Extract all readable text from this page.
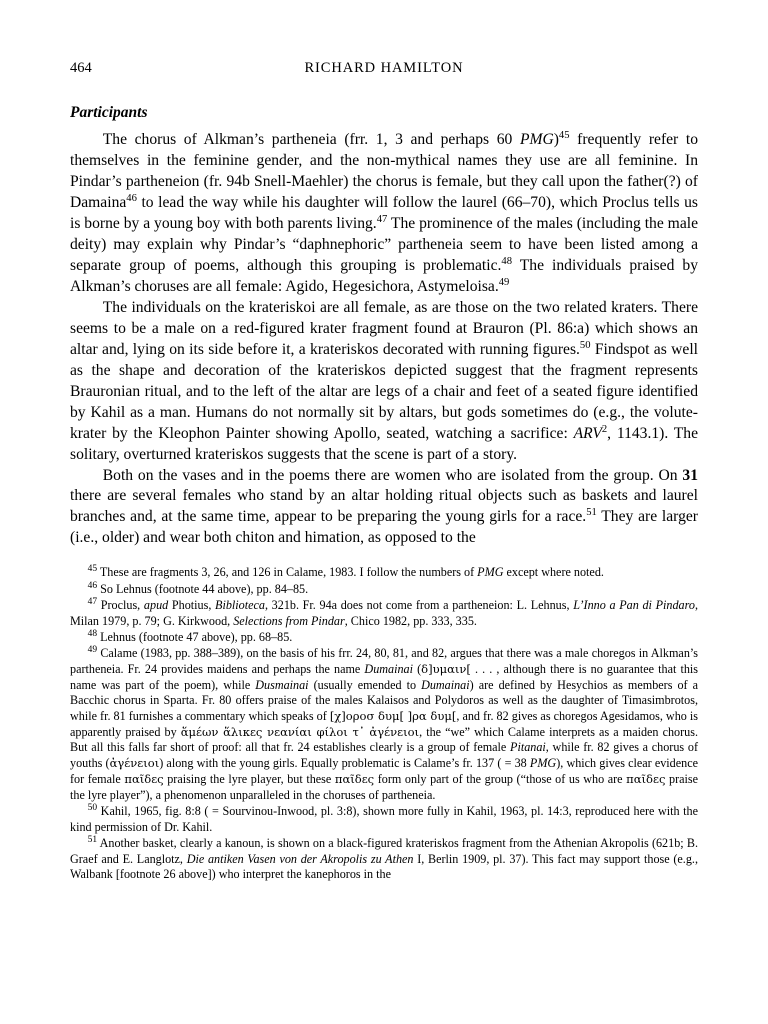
464	RICHARD HAMILTON
Participants

The chorus of Alkman’s partheneia (frr. 1, 3 and perhaps 60 PMG)$^{45}$ frequently refer to themselves in the feminine gender, and the non-mythical names they use are all feminine. In Pindar’s partheneion (fr. 94b Snell-Maehler) the chorus is female, but they call upon the father(?) of Damaina$^{46}$ to lead the way while his daughter will follow the laurel (66–70), which Proclus tells us is borne by a young boy with both parents living.$^{47}$ The prominence of the males (including the male deity) may explain why Pindar’s “daphnephoric” partheneia seem to have been listed among a separate group of poems, although this grouping is problematic.$^{48}$ The individuals praised by Alkman’s choruses are all female: Agido, Hegesichora, Astymeloisa.$^{49}$

The individuals on the krateriskoi are all female, as are those on the two related kraters. There seems to be a male on a red-figured krater fragment found at Brauron (Pl. 86:a) which shows an altar and, lying on its side before it, a krateriskos decorated with running figures.$^{50}$ Findspot as well as the shape and decoration of the krateriskos depicted suggest that the fragment represents Brauronian ritual, and to the left of the altar are legs of a chair and feet of a seated figure identified by Kahil as a man. Humans do not normally sit by altars, but gods sometimes do (e.g., the volute-krater by the Kleophon Painter showing Apollo, seated, watching a sacrifice: ARV$^2$, 1143.1). The solitary, overturned krateriskos suggests that the scene is part of a story.

Both on the vases and in the poems there are women who are isolated from the group. On 31 there are several females who stand by an altar holding ritual objects such as baskets and laurel branches and, at the same time, appear to be preparing the young girls for a race.$^{51}$ They are larger (i.e., older) and wear both chiton and himation, as opposed to the

$^{45}$ These are fragments 3, 26, and 126 in Calame, 1983. I follow the numbers of PMG except where noted.

$^{46}$ So Lehnus (footnote 44 above), pp. 84–85.

$^{47}$ Proclus, apud Photius, Biblioteca, 321b. Fr. 94a does not come from a partheneion: L. Lehnus, L’Inno a Pan di Pindaro, Milan 1979, p. 79; G. Kirkwood, Selections from Pindar, Chico 1982, pp. 333, 335.

$^{48}$ Lehnus (footnote 47 above), pp. 68–85.

$^{49}$ Calame (1983, pp. 388–389), on the basis of his frr. 24, 80, 81, and 82, argues that there was a male choregos in Alkman’s partheneia. Fr. 24 provides maidens and perhaps the name Dumainai (δ]υμαιν[ . . . , although there is no guarantee that this name was part of the poem), while Dusmainai (usually emended to Dumainai) are defined by Hesychios as members of a Bacchic chorus in Sparta. Fr. 80 offers praise of the males Kalaisos and Polydoros as well as the daughter of Timasimbrotos, while fr. 81 furnishes a commentary which speaks of [χ]οροσ δυμ[ ]ρα δυμ[, and fr. 82 gives as choregos Agesidamos, who is apparently praised by ἅμέων ἅλικες νεανίαι φίλοι τ᾽ ἀγένειοι, the “we” which Calame interprets as a maiden chorus. But all this falls far short of proof: all that fr. 24 establishes clearly is a group of female Pitanai, while fr. 82 gives a chorus of youths (ἀγένειοι) along with the young girls. Equally problematic is Calame’s fr. 137 ( = 38 PMG), which gives clear evidence for female παῖδες praising the lyre player, but these παῖδες form only part of the group (“those of us who are παῖδες praise the lyre player”), a phenomenon unparalleled in the choruses of partheneia.

$^{50}$ Kahil, 1965, fig. 8:8 ( = Sourvinou-Inwood, pl. 3:8), shown more fully in Kahil, 1963, pl. 14:3, reproduced here with the kind permission of Dr. Kahil.

$^{51}$ Another basket, clearly a kanoun, is shown on a black-figured krateriskos fragment from the Athenian Akropolis (621b; B. Graef and E. Langlotz, Die antiken Vasen von der Akropolis zu Athen I, Berlin 1909, pl. 37). This fact may support those (e.g., Walbank [footnote 26 above]) who interpret the kanephoros in the
